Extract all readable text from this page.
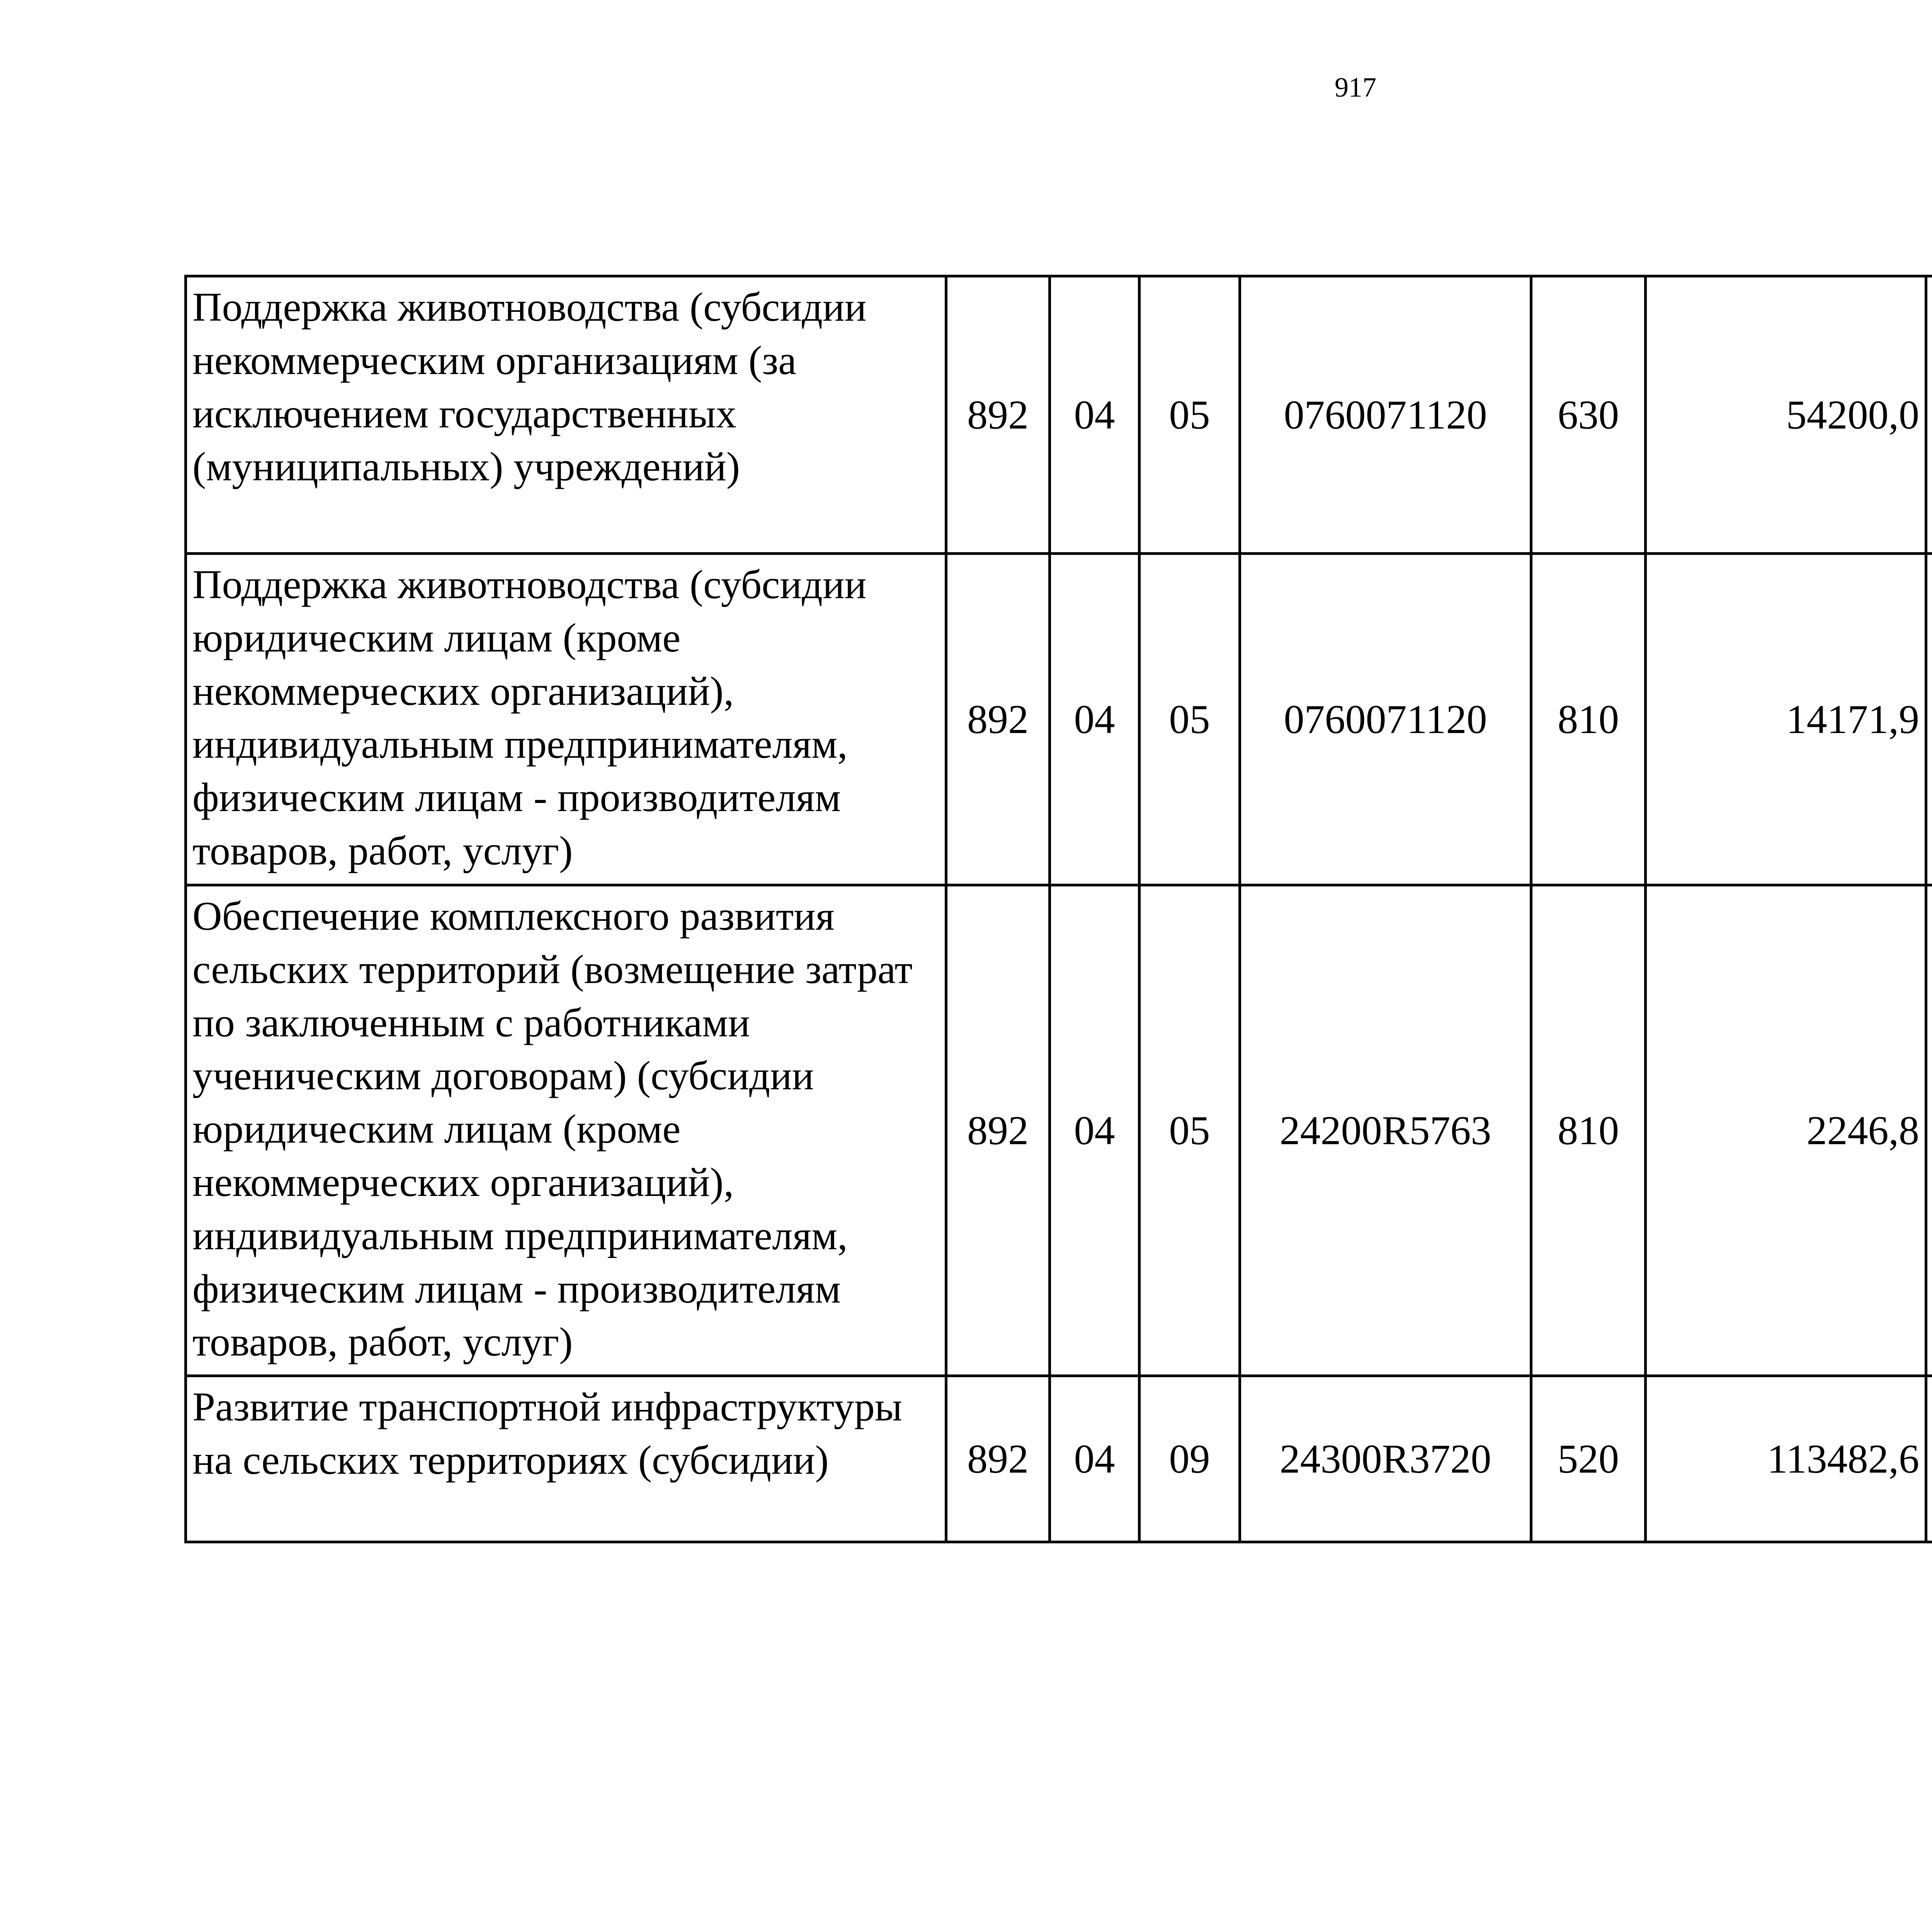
917
Поддержка животноводства (субсидии некоммерческим организациям (за исключением государственных (муниципальных) учреждений)	892	04	05	0760071120	630	54200,0		
Поддержка животноводства (субсидии юридическим лицам (кроме некоммерческих организаций), индивидуальным предпринимателям, физическим лицам - производителям товаров, работ, услуг)	892	04	05	0760071120	810	14171,9		
Обеспечение комплексного развития сельских территорий (возмещение затрат по заключенным с работниками ученическим договорам) (субсидии юридическим лицам (кроме некоммерческих организаций), индивидуальным предпринимателям, физическим лицам - производителям товаров, работ, услуг)	892	04	05	24200R5763	810	2246,8		
Развитие транспортной инфраструктуры на сельских территориях (субсидии)	892	04	09	24300R3720	520	113482,6		
